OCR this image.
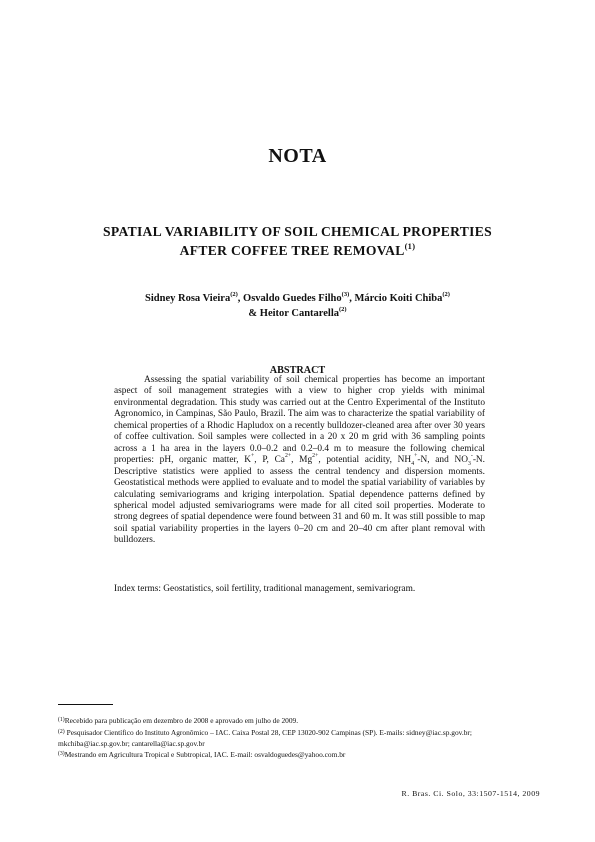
NOTA
SPATIAL VARIABILITY OF SOIL CHEMICAL PROPERTIES
AFTER COFFEE TREE REMOVAL$^{(1)}$
Sidney Rosa Vieira$^{(2)}$, Osvaldo Guedes Filho$^{(3)}$, Márcio Koiti Chiba$^{(2)}$
& Heitor Cantarella$^{(2)}$
ABSTRACT
Assessing the spatial variability of soil chemical properties has become an important aspect of soil management strategies with a view to higher crop yields with minimal environmental degradation. This study was carried out at the Centro Experimental of the Instituto Agronomico, in Campinas, São Paulo, Brazil. The aim was to characterize the spatial variability of chemical properties of a Rhodic Hapludox on a recently bulldozer-cleaned area after over 30 years of coffee cultivation. Soil samples were collected in a 20 x 20 m grid with 36 sampling points across a 1 ha area in the layers 0.0–0.2 and 0.2–0.4 m to measure the following chemical properties: pH, organic matter, K+, P, $Ca^{2+}$, $Mg^{2+}$, potential acidity, $NH_4^+-N$, and $NO_3^--N$. Descriptive statistics were applied to assess the central tendency and dispersion moments. Geostatistical methods were applied to evaluate and to model the spatial variability of variables by calculating semivariograms and kriging interpolation. Spatial dependence patterns defined by spherical model adjusted semivariograms were made for all cited soil properties. Moderate to strong degrees of spatial dependence were found between 31 and 60 m. It was still possible to map soil spatial variability properties in the layers 0–20 cm and 20–40 cm after plant removal with bulldozers.
Index terms: Geostatistics, soil fertility, traditional management, semivariogram.
$^{(1)}$Recebido para publicação em dezembro de 2008 e aprovado em julho de 2009.
$^{(2)}$ Pesquisador Científico do Instituto Agronômico – IAC. Caixa Postal 28, CEP 13020-902 Campinas (SP). E-mails: sidney@iac.sp.gov.br; mkchiba@iac.sp.gov.br; cantarella@iac.sp.gov.br
$^{(3)}$Mestrando em Agricultura Tropical e Subtropical, IAC. E-mail: osvaldoguedes@yahoo.com.br
R. Bras. Ci. Solo, 33:1507-1514, 2009
